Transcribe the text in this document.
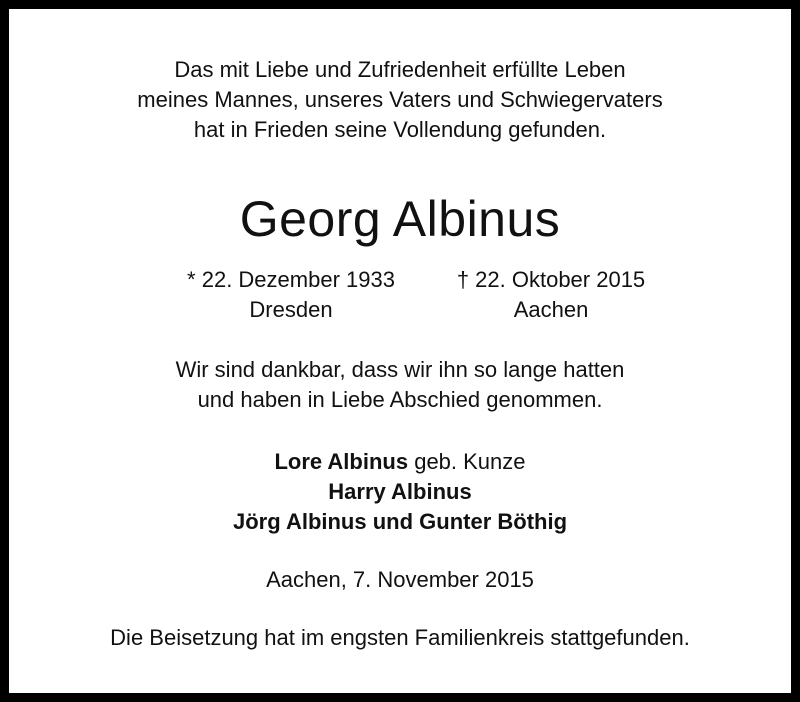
Das mit Liebe und Zufriedenheit erfüllte Leben
meines Mannes, unseres Vaters und Schwiegervaters
hat in Frieden seine Vollendung gefunden.
Georg Albinus
* 22. Dezember 1933
Dresden
† 22. Oktober 2015
Aachen
Wir sind dankbar, dass wir ihn so lange hatten
und haben in Liebe Abschied genommen.
Lore Albinus geb. Kunze
Harry Albinus
Jörg Albinus und Gunter Böthig
Aachen, 7. November 2015
Die Beisetzung hat im engsten Familienkreis stattgefunden.
